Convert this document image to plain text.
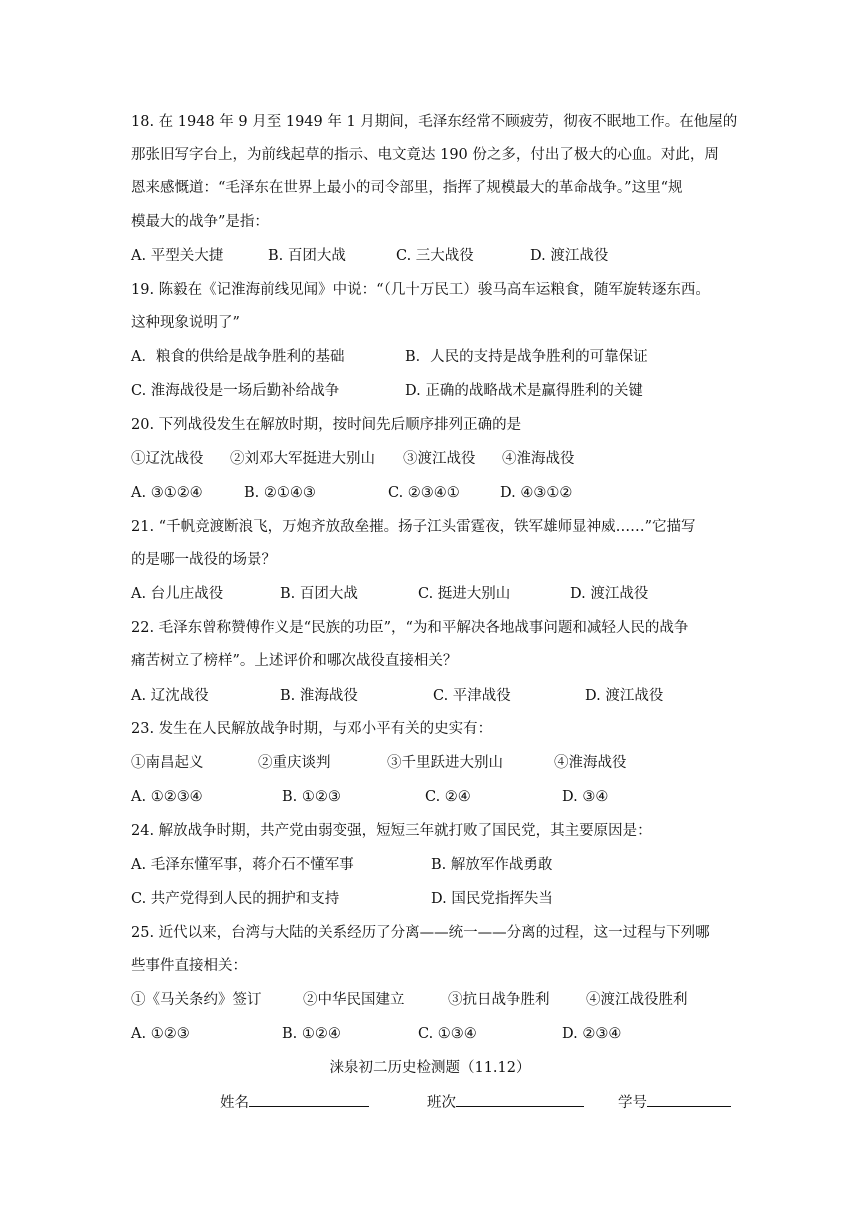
18. 在 1948 年 9 月至 1949 年 1 月期间，毛泽东经常不顾疲劳，彻夜不眠地工作。在他屋的
那张旧写字台上，为前线起草的指示、电文竟达 190 份之多，付出了极大的心血。对此，周
恩来感慨道：“毛泽东在世界上最小的司令部里，指挥了规模最大的革命战争。”这里“规
模最大的战争”是指：
A. 平型关大捷	B. 百团大战	C. 三大战役	D. 渡江战役
19. 陈毅在《记淮海前线见闻》中说：“（几十万民工）骏马高车运粮食，随军旋转逐东西。
这种现象说明了”
A．粮食的供给是战争胜利的基础	B．人民的支持是战争胜利的可靠保证
C. 淮海战役是一场后勤补给战争	D. 正确的战略战术是赢得胜利的关键
20. 下列战役发生在解放时期，按时间先后顺序排列正确的是
①辽沈战役 ②刘邓大军挺进大别山 ③渡江战役 ④淮海战役
A. ③①②④	B. ②①④③	C. ②③④①	D. ④③①②
21. “千帆竞渡断浪飞，万炮齐放敌垒摧。扬子江头雷霆夜，铁军雄师显神威……”它描写
的是哪一战役的场景？
A. 台儿庄战役	B. 百团大战	C. 挺进大别山	D. 渡江战役
22. 毛泽东曾称赞傅作义是“民族的功臣”，“为和平解决各地战事问题和减轻人民的战争
痛苦树立了榜样”。上述评价和哪次战役直接相关？
A. 辽沈战役	B. 淮海战役	C. 平津战役	D. 渡江战役
23. 发生在人民解放战争时期，与邓小平有关的史实有：
①南昌起义	②重庆谈判	③千里跃进大别山	④淮海战役
A. ①②③④	B. ①②③	C. ②④	D. ③④
24. 解放战争时期，共产党由弱变强，短短三年就打败了国民党，其主要原因是：
A. 毛泽东懂军事，蒋介石不懂军事	B. 解放军作战勇敢
C. 共产党得到人民的拥护和支持	D. 国民党指挥失当
25. 近代以来，台湾与大陆的关系经历了分离——统一——分离的过程，这一过程与下列哪
些事件直接相关：
①《马关条约》签订	②中华民国建立	③抗日战争胜利	④渡江战役胜利
A. ①②③	B. ①②④	C. ①③④	D. ②③④
涞泉初二历史检测题（11.12）
姓名	班次	学号
